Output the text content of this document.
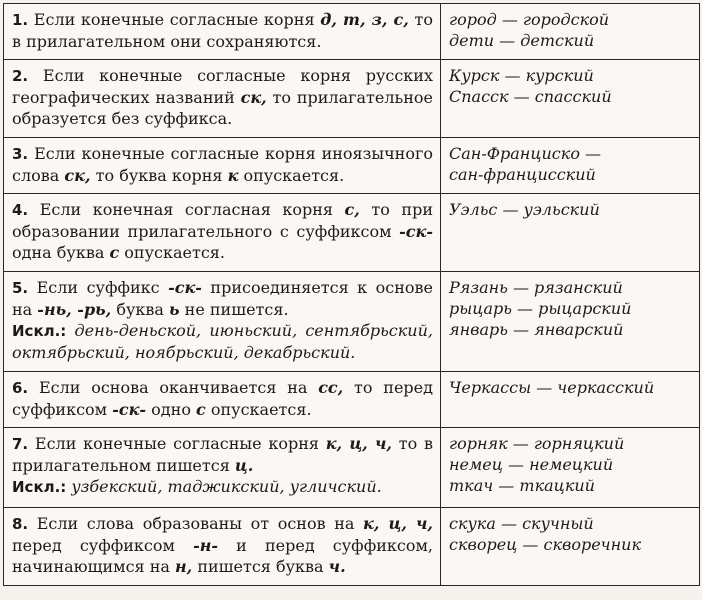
1. Если конечные согласные корня д, т, з, с, то в прилагательном они сохраняются.	город — городской
дети — детский

2. Если конечные согласные корня русских географических названий ск, то прилагательное образуется без суффикса.	Курск — курский
Спасск — спасский

3. Если конечные согласные корня иноязычного слова ск, то буква корня к опускается.	Сан-Франциско —
сан-францисский

4. Если конечная согласная корня с, то при образовании прилагательного с суффиксом -ск- одна буква с опускается.	Уэльс — уэльский

5. Если суффикс -ск- присоединяется к основе на -нь, -рь, буква ь не пишется.
Искл.: день-деньской, июньский, сентябрьский, октябрьский, ноябрьский, декабрьский.	Рязань — рязанский
рыцарь — рыцарский
январь — январский

6. Если основа оканчивается на сс, то перед суффиксом -ск- одно с опускается.	Черкассы — черкасский

7. Если конечные согласные корня к, ц, ч, то в прилагательном пишется ц.
Искл.: узбекский, таджикский, угличский.	горняк — горняцкий
немец — немецкий
ткач — ткацкий

8. Если слова образованы от основ на к, ц, ч, перед суффиксом -н- и перед суффиксом, начинающимся на н, пишется буква ч.	скука — скучный
скворец — скворечник
